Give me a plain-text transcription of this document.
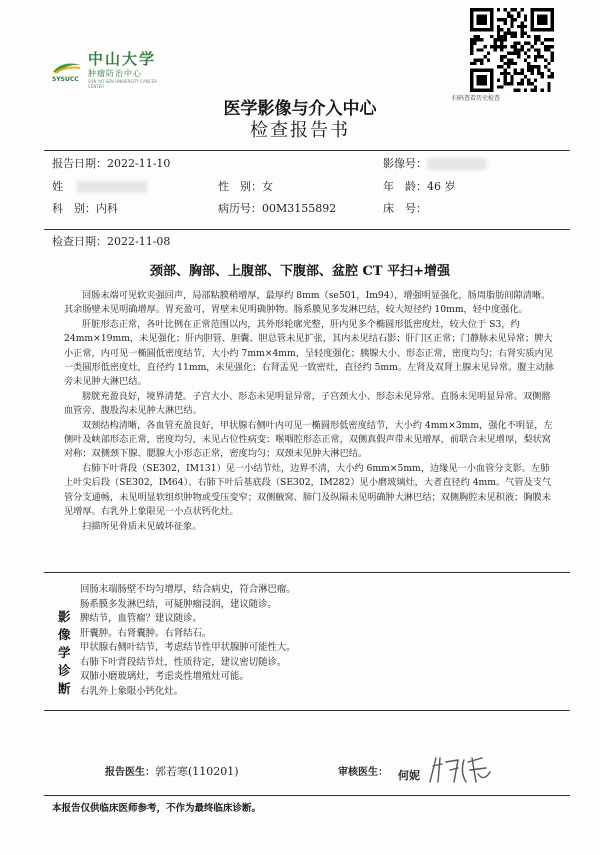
中山大学
肿瘤防治中心
SYSUCC SUN YAT-SEN UNIVERSITY CANCER CENTER
扫码查看历史检查
医学影像与介入中心
检查报告书
报告日期：2022-11-10	影像号：
姓	性　别：女	年　龄：46 岁
科　别：内科	病历号：00M3155892	床　号：
检查日期：2022-11-08
颈部、胸部、上腹部、下腹部、盆腔 CT 平扫+增强

回肠末端可见软夹强回声，局部粘膜稍增厚，最厚约 8mm（se501，Im94），增强明显强化，肠周脂肪间隙清晰。其余肠壁未见明确增厚。胃充盈可，胃壁未见明确肿物。肠系膜见多发淋巴结，较大短径约 10mm，轻中度强化。

肝脏形态正常，各叶比例在正常范围以内，其外形轮廓光整，肝内见多个椭圆形低密度灶，较大位于 S3，约 24mm×19mm，未见强化；肝内胆管、胆囊、胆总管未见扩张，其内未见结石影；肝门区正常；门静脉未见异常；脾大小正常，内可见一椭圆低密度结节，大小约 7mm×4mm，呈轻度强化；胰腺大小、形态正常，密度均匀；右肾实质内见一类圆形低密度灶，直径约 11mm，未见强化；右肾盂见一致密灶，直径约 5mm。左肾及双肾上腺未见异常。腹主动脉旁未见肿大淋巴结。

膀胱充盈良好，境界清楚。子宫大小、形态未见明显异常，子宫颈大小、形态未见异常。直肠未见明显异常。双侧髂血管旁、腹股沟未见肿大淋巴结。

双颈结构清晰，各血管充盈良好，甲状腺右侧叶内可见一椭圆形低密度结节，大小约 4mm×3mm，强化不明显，左侧叶及峡部形态正常，密度均匀，未见占位性病变；喉咽腔形态正常，双侧真假声带未见增厚，前联合未见增厚，梨状窝对称；双侧颈下腺、腮腺大小形态正常，密度均匀；双颈未见肿大淋巴结。

右肺下叶背段（SE302，IM131）见一小结节灶，边界不清，大小约 6mm×5mm，边缘见一小血管分支影。左肺上叶尖后段（SE302，IM64）、右肺下叶后基底段（SE302，IM282）见小磨玻璃灶，大者直径约 4mm。气管及支气管分支通畅，未见明显软组织肿物或受压变窄；双侧腋窝、肺门及纵隔未见明确肿大淋巴结；双侧胸腔未见积液；胸膜未见增厚。右乳外上象限见一小点状钙化灶。

扫描所见骨质未见破坏征象。

影
像
学
诊
断
回肠末端肠壁不均匀增厚，结合病史，符合淋巴瘤。
肠系膜多发淋巴结，可疑肿瘤浸润，建议随诊。
脾结节，血管瘤？建议随诊。
肝囊肿。右肾囊肿。右肾结石。
甲状腺右侧叶结节，考虑结节性甲状腺肿可能性大。
右肺下叶背段结节灶，性质待定，建议密切随诊。
双肺小磨玻璃灶，考虑炎性增殖灶可能。
右乳外上象限小钙化灶。
报告医生：郭若寒(110201)	审核医生： 何妮
本报告仅供临床医师参考，不作为最终临床诊断。
